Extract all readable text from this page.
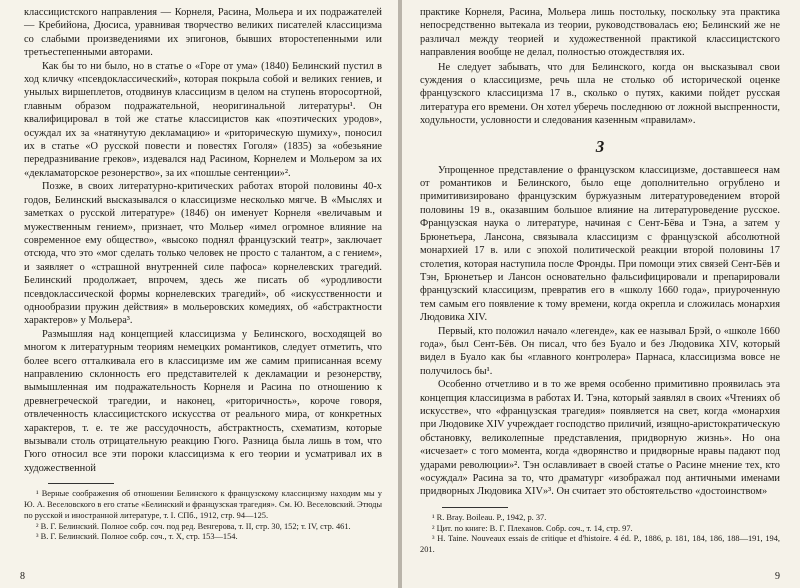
классицистского направления — Корнеля, Расина, Мольера и их подражателей — Кребийона, Дюсиса, уравнивая творчество великих писателей классицизма со слабыми произведениями их эпигонов, бывших второстепенными или третьестепенными авторами.

Как бы то ни было, но в статье о «Горе от ума» (1840) Белинский пустил в ход кличку «псевдоклассический», которая покрыла собой и великих гениев, и унылых виршеплетов, отодвинув классицизм в целом на ступень второсортной, главным образом подражательной, неоригинальной литературы¹. Он квалифицировал в той же статье классицистов как «поэтических уродов», осуждал их за «натянутую декламацию» и «риторическую шумиху», поносил их в статье «О русской повести и повестях Гоголя» (1835) за «обезьяние передразнивание греков», издевался над Расином, Корнелем и Мольером за их «декламаторское резонерство», за их «пошлые сентенции»².

Позже, в своих литературно-критических работах второй половины 40-х годов, Белинский высказывался о классицизме несколько мягче. В «Мыслях и заметках о русской литературе» (1846) он именует Корнеля «величавым и мужественным гением», признает, что Мольер «имел огромное влияние на современное ему общество», «высоко поднял французский театр», заключает отсюда, что это «мог сделать только человек не просто с талантом, а с гением», и заявляет о «страшной внутренней силе пафоса» корнелевских трагедий. Белинский продолжает, впрочем, здесь же писать об «уродливости псевдоклассической формы корнелевских трагедий», об «искусственности и однообразии пружин действия» в мольеровских комедиях, об «абстрактности характеров» у Мольера³.

Размышляя над концепцией классицизма у Белинского, восходящей во многом к литературным теориям немецких романтиков, следует отметить, что более всего отталкивала его в классицизме им же самим приписанная всему направлению склонность его представителей к декламации и резонерству, вымышленная им подражательность Корнеля и Расина по отношению к древнегреческой трагедии, и наконец, «риторичность», короче говоря, отвлеченность классицистского искусства от реального мира, от конкретных характеров, т. е. те же рассудочность, абстрактность, схематизм, которые вызывали столь отрицательную реакцию Гюго. Разница была лишь в том, что Гюго относил все эти пороки классицизма к его теории и усматривал их в художественной

¹ Верные соображения об отношении Белинского к французскому классицизму находим мы у Ю. А. Веселовского в его статье «Белинский и французская трагедия». См. Ю. Веселовский. Этюды по русской и иностранной литературе, т. I. СПб., 1912, стр. 94—125.

² В. Г. Белинский. Полное собр. соч. под ред. Венгерова, т. II, стр. 30, 152; т. IV, стр. 461.

³ В. Г. Белинский. Полное собр. соч., т. X, стр. 153—154.

8

практике Корнеля, Расина, Мольера лишь постольку, поскольку эта практика непосредственно вытекала из теории, руководствовалась ею; Белинский же не различал между теорией и художественной практикой классицистского направления вообще не делал, полностью отождествляя их.

Не следует забывать, что для Белинского, когда он высказывал свои суждения о классицизме, речь шла не столько об исторической оценке французского классицизма 17 в., сколько о путях, какими пойдет русская литература его времени. Он хотел уберечь последнюю от ложной выспренности, ходульности, условности и следования казенным «правилам».

3

Упрощенное представление о французском классицизме, доставшееся нам от романтиков и Белинского, было еще дополнительно огрублено и примитивизировано французским буржуазным литературоведением второй половины 19 в., оказавшим большое влияние на литературоведение русское. Французская наука о литературе, начиная с Сент-Бёва и Тэна, а затем у Брюнетьера, Лансона, связывала классицизм с французской абсолютной монархией 17 в. или с эпохой политической реакции второй половины 17 столетия, которая наступила после Фронды. При помощи этих связей Сент-Бёв и Тэн, Брюнетьер и Лансон основательно фальсифицировали и препарировали французский классицизм, превратив его в «школу 1660 года», приуроченную тем самым его появление к тому времени, когда окрепла и сложилась монархия Людовика XIV.

Первый, кто положил начало «легенде», как ее называл Брэй, о «школе 1660 года», был Сент-Бёв. Он писал, что без Буало и без Людовика XIV, который видел в Буало как бы «главного контролера» Парнаса, классицизма вовсе не получилось бы¹.

Особенно отчетливо и в то же время особенно примитивно проявилась эта концепция классицизма в работах И. Тэна, который заявлял в своих «Чтениях об искусстве», что «французская трагедия» появляется на свет, когда «монархия при Людовике XIV учреждает господство приличий, изящно-аристократическую обстановку, великолепные представления, придворную жизнь». Но она «исчезает» с того момента, когда «дворянство и придворные нравы падают под ударами революции»². Тэн ославливает в своей статье о Расине мнение тех, кто «осуждал» Расина за то, что драматург «изображал под античными именами придворных Людовика XIV»³. Он считает это обстоятельство «достоинством»

¹ R. Bray. Boileau. P., 1942, p. 37.

² Цит. по книге: В. Г. Плеханов. Собр. соч., т. 14, стр. 97.

³ H. Taine. Nouveaux essais de critique et d'histoire. 4 éd. P., 1886, p. 181, 184, 186, 188—191, 194, 201.

9
